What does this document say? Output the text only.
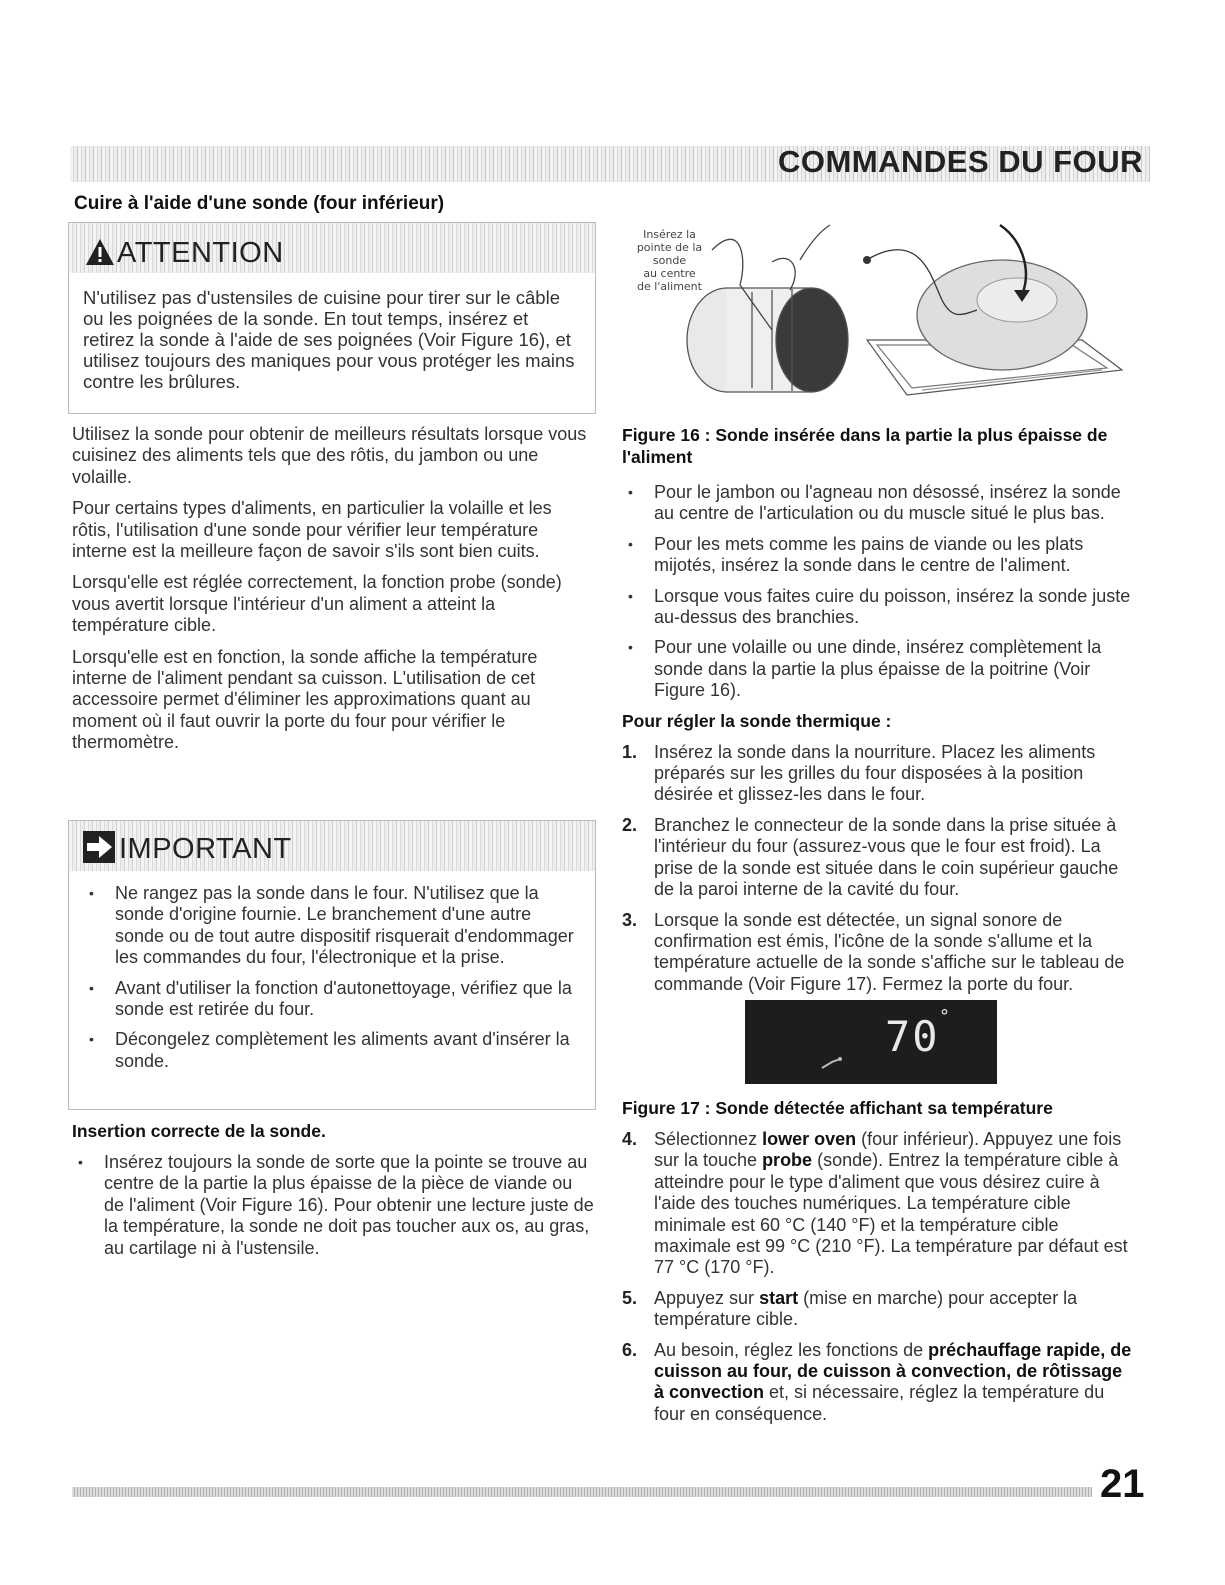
COMMANDES DU FOUR
Cuire à l'aide d'une sonde (four inférieur)
ATTENTION

N'utilisez pas d'ustensiles de cuisine pour tirer sur le câble ou les poignées de la sonde. En tout temps, insérez et retirez la sonde à l'aide de ses poignées (Voir Figure 16), et utilisez toujours des maniques pour vous protéger les mains contre les brûlures.

Utilisez la sonde pour obtenir de meilleurs résultats lorsque vous cuisinez des aliments tels que des rôtis, du jambon ou une volaille.

Pour certains types d'aliments, en particulier la volaille et les rôtis, l'utilisation d'une sonde pour vérifier leur température interne est la meilleure façon de savoir s'ils sont bien cuits.

Lorsqu'elle est réglée correctement, la fonction probe (sonde) vous avertit lorsque l'intérieur d'un aliment a atteint la température cible.

Lorsqu'elle est en fonction, la sonde affiche la température interne de l'aliment pendant sa cuisson. L'utilisation de cet accessoire permet d'éliminer les approximations quant au moment où il faut ouvrir la porte du four pour vérifier le thermomètre.

IMPORTANT
• Ne rangez pas la sonde dans le four. N'utilisez que la sonde d'origine fournie. Le branchement d'une autre sonde ou de tout autre dispositif risquerait d'endommager les commandes du four, l'électronique et la prise.
• Avant d'utiliser la fonction d'autonettoyage, vérifiez que la sonde est retirée du four.
• Décongelez complètement les aliments avant d'insérer la sonde.
Insertion correcte de la sonde.
• Insérez toujours la sonde de sorte que la pointe se trouve au centre de la partie la plus épaisse de la pièce de viande ou de l'aliment (Voir Figure 16). Pour obtenir une lecture juste de la température, la sonde ne doit pas toucher aux os, au gras, au cartilage ni à l'ustensile.
Insérez la
pointe de la
sonde
au centre
de l'aliment
Figure 16 : Sonde insérée dans la partie la plus épaisse de l'aliment
• Pour le jambon ou l'agneau non désossé, insérez la sonde au centre de l'articulation ou du muscle situé le plus bas.
• Pour les mets comme les pains de viande ou les plats mijotés, insérez la sonde dans le centre de l'aliment.
• Lorsque vous faites cuire du poisson, insérez la sonde juste au-dessus des branchies.
• Pour une volaille ou une dinde, insérez complètement la sonde dans la partie la plus épaisse de la poitrine (Voir Figure 16).
Pour régler la sonde thermique :
1. Insérez la sonde dans la nourriture. Placez les aliments préparés sur les grilles du four disposées à la position désirée et glissez-les dans le four.
2. Branchez le connecteur de la sonde dans la prise située à l'intérieur du four (assurez-vous que le four est froid). La prise de la sonde est située dans le coin supérieur gauche de la paroi interne de la cavité du four.
3. Lorsque la sonde est détectée, un signal sonore de confirmation est émis, l'icône de la sonde s'allume et la température actuelle de la sonde s'affiche sur le tableau de commande (Voir Figure 17). Fermez la porte du four.
70 °
Figure 17 : Sonde détectée affichant sa température
4. Sélectionnez lower oven (four inférieur). Appuyez une fois sur la touche probe (sonde). Entrez la température cible à atteindre pour le type d'aliment que vous désirez cuire à l'aide des touches numériques. La température cible minimale est 60 °C (140 °F) et la température cible maximale est 99 °C (210 °F). La température par défaut est 77 °C (170 °F).
5. Appuyez sur start (mise en marche) pour accepter la température cible.
6. Au besoin, réglez les fonctions de préchauffage rapide, de cuisson au four, de cuisson à convection, de rôtissage à convection et, si nécessaire, réglez la température du four en conséquence.
21
